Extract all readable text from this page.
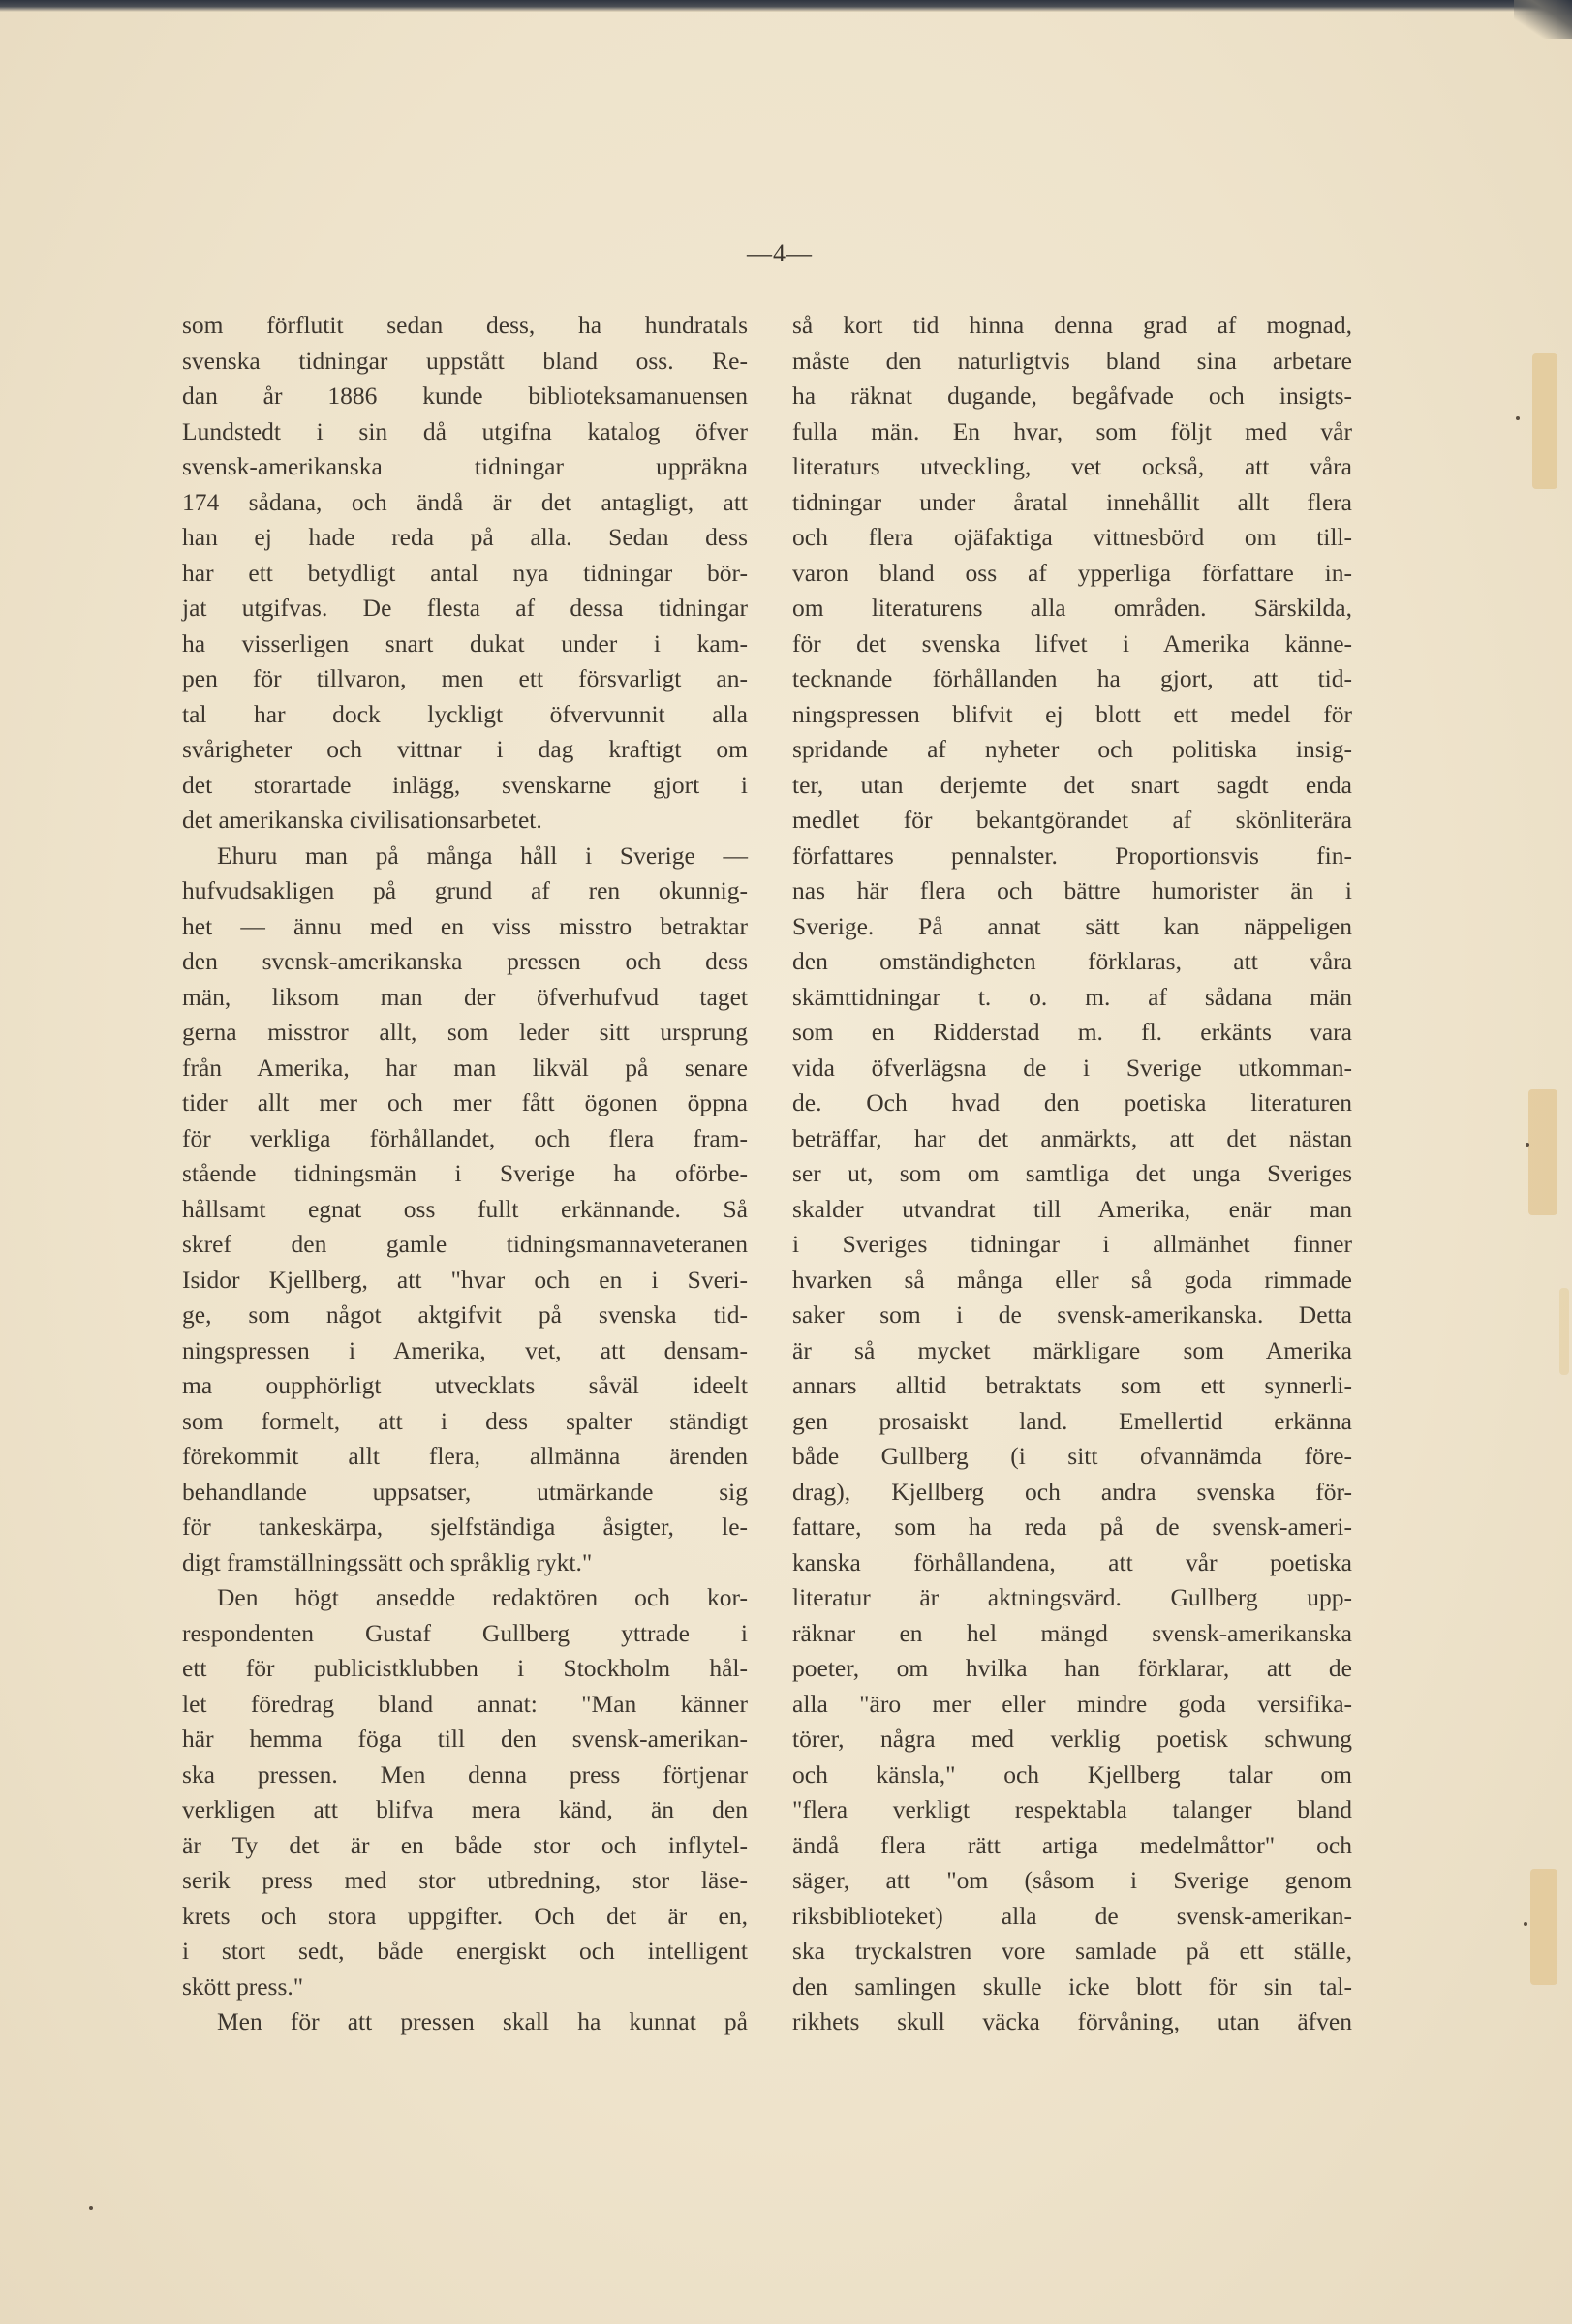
—4—
som förflutit sedan dess, ha hundratals
svenska tidningar uppstått bland oss. Re-
dan år 1886 kunde biblioteksamanuensen
Lundstedt i sin då utgifna katalog öfver
svensk-amerikanska tidningar uppräkna
174 sådana, och ändå är det antagligt, att
han ej hade reda på alla. Sedan dess
har ett betydligt antal nya tidningar bör-
jat utgifvas. De flesta af dessa tidningar
ha visserligen snart dukat under i kam-
pen för tillvaron, men ett försvarligt an-
tal har dock lyckligt öfvervunnit alla
svårigheter och vittnar i dag kraftigt om
det storartade inlägg, svenskarne gjort i
det amerikanska civilisationsarbetet.
Ehuru man på många håll i Sverige —
hufvudsakligen på grund af ren okunnig-
het — ännu med en viss misstro betraktar
den svensk-amerikanska pressen och dess
män, liksom man der öfverhufvud taget
gerna misstror allt, som leder sitt ursprung
från Amerika, har man likväl på senare
tider allt mer och mer fått ögonen öppna
för verkliga förhållandet, och flera fram-
stående tidningsmän i Sverige ha oförbe-
hållsamt egnat oss fullt erkännande. Så
skref den gamle tidningsmannaveteranen
Isidor Kjellberg, att "hvar och en i Sveri-
ge, som något aktgifvit på svenska tid-
ningspressen i Amerika, vet, att densam-
ma oupphörligt utvecklats såväl ideelt
som formelt, att i dess spalter ständigt
förekommit allt flera, allmänna ärenden
behandlande uppsatser, utmärkande sig
för tankeskärpa, sjelfständiga åsigter, le-
digt framställningssätt och språklig rykt."
Den högt ansedde redaktören och kor-
respondenten Gustaf Gullberg yttrade i
ett för publicistklubben i Stockholm hål-
let föredrag bland annat: "Man känner
här hemma föga till den svensk-amerikan-
ska pressen. Men denna press förtjenar
verkligen att blifva mera känd, än den
är Ty det är en både stor och inflytel-
serik press med stor utbredning, stor läse-
krets och stora uppgifter. Och det är en,
i stort sedt, både energiskt och intelligent
skött press."
Men för att pressen skall ha kunnat på
så kort tid hinna denna grad af mognad,
måste den naturligtvis bland sina arbetare
ha räknat dugande, begåfvade och insigts-
fulla män. En hvar, som följt med vår
literaturs utveckling, vet också, att våra
tidningar under åratal innehållit allt flera
och flera ojäfaktiga vittnesbörd om till-
varon bland oss af ypperliga författare in-
om literaturens alla områden. Särskilda,
för det svenska lifvet i Amerika känne-
tecknande förhållanden ha gjort, att tid-
ningspressen blifvit ej blott ett medel för
spridande af nyheter och politiska insig-
ter, utan derjemte det snart sagdt enda
medlet för bekantgörandet af skönliterära
författares pennalster. Proportionsvis fin-
nas här flera och bättre humorister än i
Sverige. På annat sätt kan näppeligen
den omständigheten förklaras, att våra
skämttidningar t. o. m. af sådana män
som en Ridderstad m. fl. erkänts vara
vida öfverlägsna de i Sverige utkomman-
de. Och hvad den poetiska literaturen
beträffar, har det anmärkts, att det nästan
ser ut, som om samtliga det unga Sveriges
skalder utvandrat till Amerika, enär man
i Sveriges tidningar i allmänhet finner
hvarken så många eller så goda rimmade
saker som i de svensk-amerikanska. Detta
är så mycket märkligare som Amerika
annars alltid betraktats som ett synnerli-
gen prosaiskt land. Emellertid erkänna
både Gullberg (i sitt ofvannämda före-
drag), Kjellberg och andra svenska för-
fattare, som ha reda på de svensk-ameri-
kanska förhållandena, att vår poetiska
literatur är aktningsvärd. Gullberg upp-
räknar en hel mängd svensk-amerikanska
poeter, om hvilka han förklarar, att de
alla "äro mer eller mindre goda versifika-
törer, några med verklig poetisk schwung
och känsla," och Kjellberg talar om
"flera verkligt respektabla talanger bland
ändå flera rätt artiga medelmåttor" och
säger, att "om (såsom i Sverige genom
riksbiblioteket) alla de svensk-amerikan-
ska tryckalstren vore samlade på ett ställe,
den samlingen skulle icke blott för sin tal-
rikhets skull väcka förvåning, utan äfven
